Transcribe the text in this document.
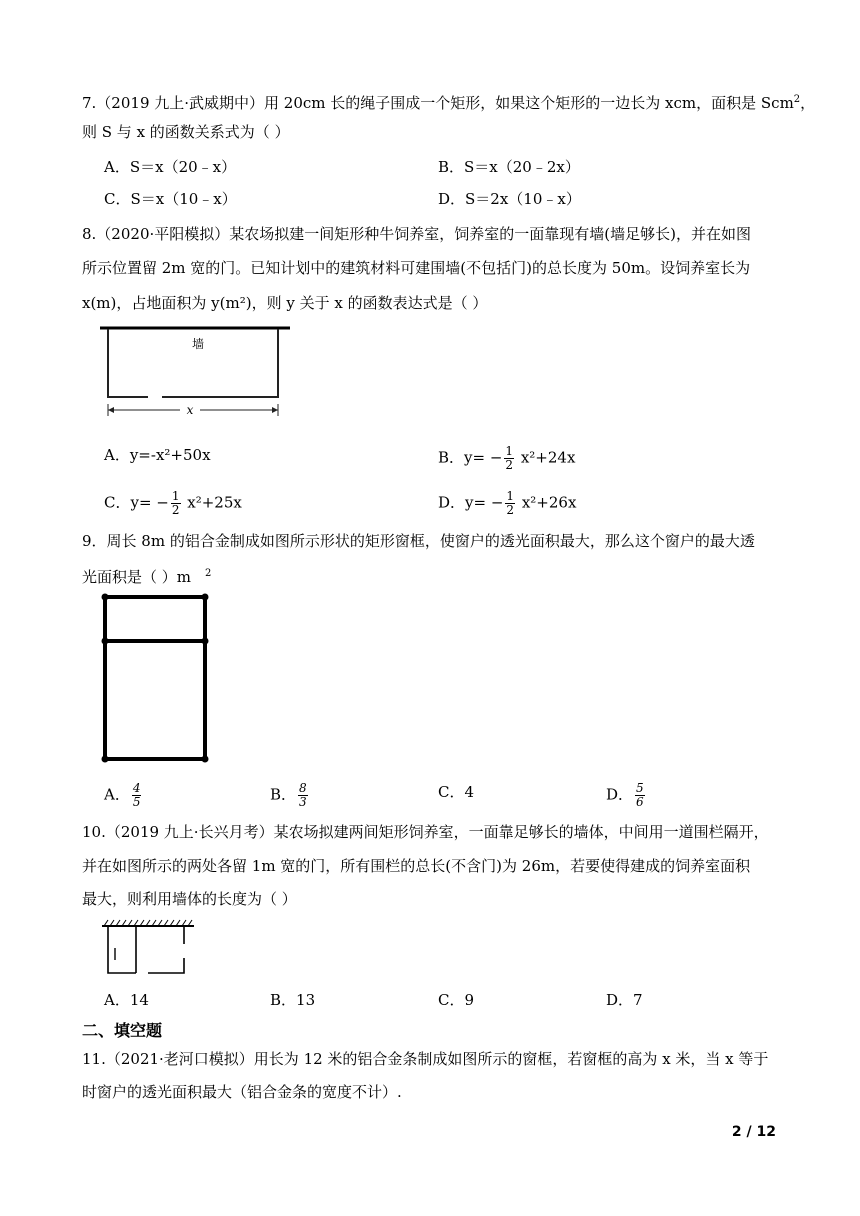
7.（2019 九上·武威期中）用 20cm 长的绳子围成一个矩形，如果这个矩形的一边长为 xcm，面积是 Scm$^2$，
则 S 与 x 的函数关系式为（ ）
A．S＝x（20﹣x）	B．S＝x（20﹣2x）
C．S＝x（10﹣x）	D．S＝2x（10﹣x）
8.（2020·平阳模拟）某农场拟建一间矩形种牛饲养室，饲养室的一面靠现有墙(墙足够长)，并在如图
所示位置留 2m 宽的门。已知计划中的建筑材料可建围墙(不包括门)的总长度为 50m。设饲养室长为
x(m)，占地面积为 y(m²)，则 y 关于 x 的函数表达式是（ ）
墙
x
A．y=-x²+50x	B．$y= - \frac{1}{2} x^2+24x$
C．$y= - \frac{1}{2} x^2+25x$	D．$y= - \frac{1}{2} x^2+26x$
9．周长 8m 的铝合金制成如图所示形状的矩形窗框，使窗户的透光面积最大，那么这个窗户的最大透
光面积是（ ）m $^2$
A． $\frac{4}{5}$	B． $\frac{8}{3}$	C．4	D． $\frac{5}{6}$
10.（2019 九上·长兴月考）某农场拟建两间矩形饲养室，一面靠足够长的墙体，中间用一道围栏隔开，
并在如图所示的两处各留 1m 宽的门，所有围栏的总长(不含门)为 26m，若要使得建成的饲养室面积
最大，则利用墙体的长度为（ ）
A．14	B．13	C．9	D．7
二、填空题
11.（2021·老河口模拟）用长为 12 米的铝合金条制成如图所示的窗框，若窗框的高为 x 米，当 x 等于
时窗户的透光面积最大（铝合金条的宽度不计）.
2 / 12
